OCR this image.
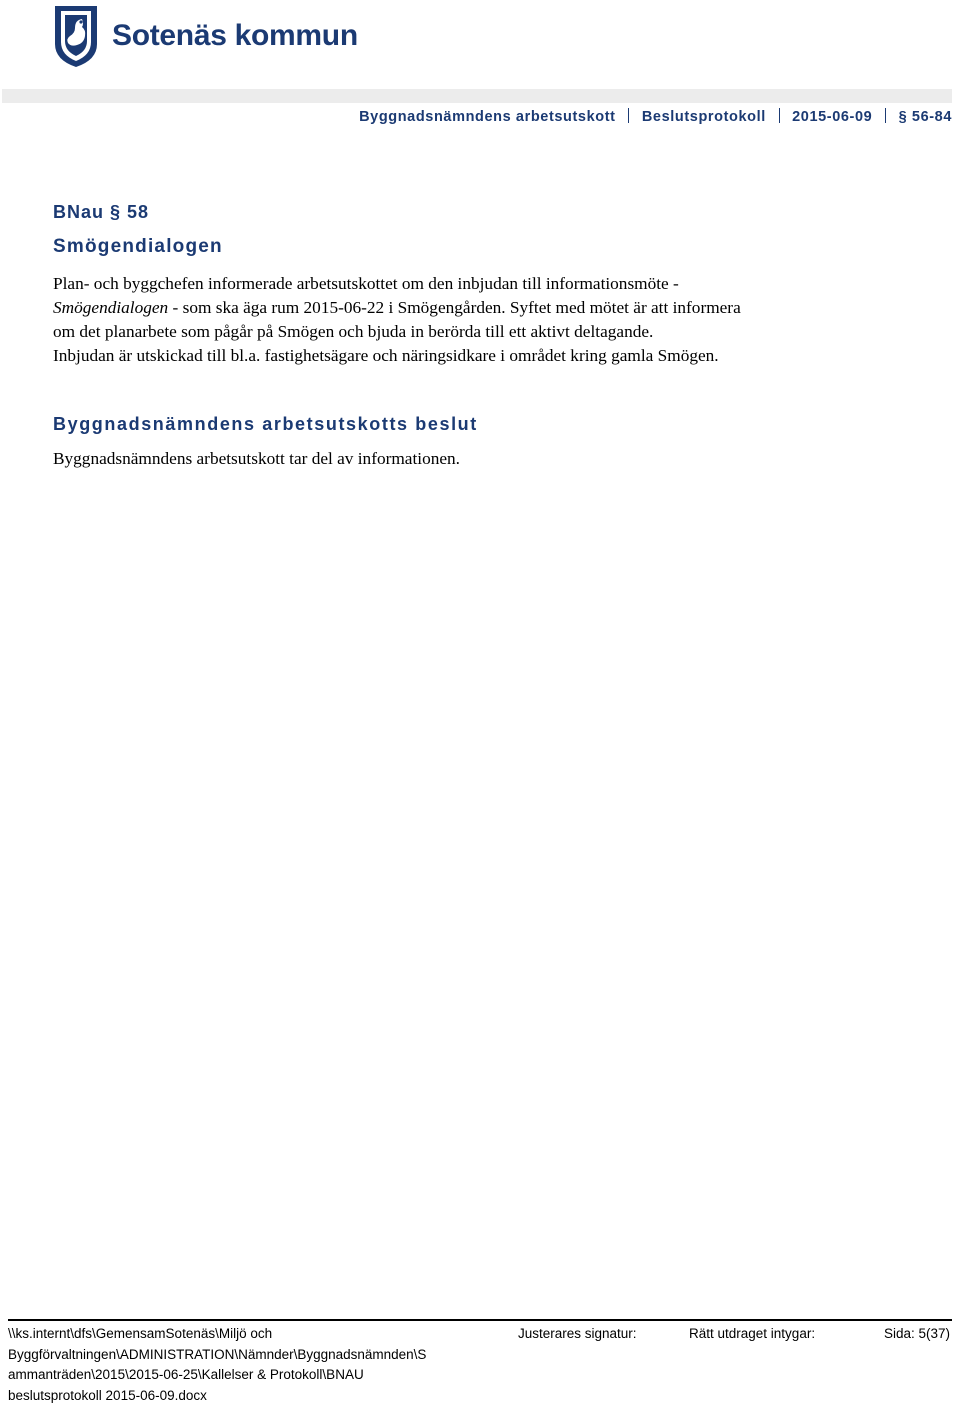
Sotenäs kommun
Byggnadsnämndens arbetsutskott Beslutsprotokoll 2015-06-09 § 56-84
BNau § 58
Smögendialogen
Plan- och byggchefen informerade arbetsutskottet om den inbjudan till informationsmöte -
Smögendialogen - som ska äga rum 2015-06-22 i Smögengården. Syftet med mötet är att informera
om det planarbete som pågår på Smögen och bjuda in berörda till ett aktivt deltagande.
Inbjudan är utskickad till bl.a. fastighetsägare och näringsidkare i området kring gamla Smögen.
Byggnadsnämndens arbetsutskotts beslut
Byggnadsnämndens arbetsutskott tar del av informationen.
\\ks.internt\dfs\GemensamSotenäs\Miljö och
Byggförvaltningen\ADMINISTRATION\Nämnder\Byggnadsnämnden\S
ammanträden\2015\2015-06-25\Kallelser & Protokoll\BNAU
beslutsprotokoll 2015-06-09.docx
Justerares signatur:	Rätt utdraget intygar:	Sida: 5(37)
